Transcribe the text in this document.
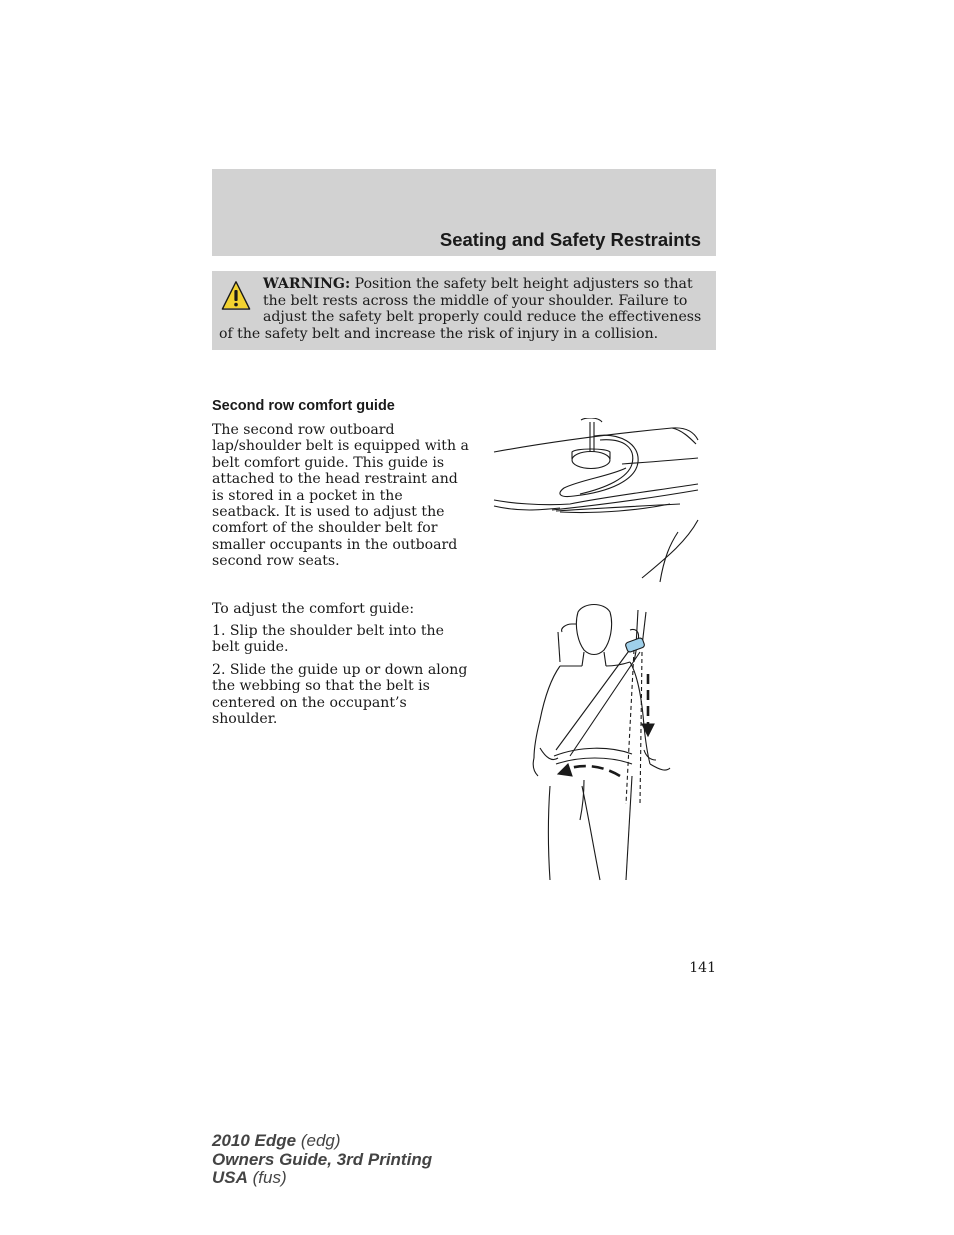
Seating and Safety Restraints

WARNING: Position the safety belt height adjusters so that the belt rests across the middle of your shoulder. Failure to adjust the safety belt properly could reduce the effectiveness of the safety belt and increase the risk of injury in a collision.

Second row comfort guide

The second row outboard lap/shoulder belt is equipped with a belt comfort guide. This guide is attached to the head restraint and is stored in a pocket in the seatback. It is used to adjust the comfort of the shoulder belt for smaller occupants in the outboard second row seats.

To adjust the comfort guide:

1. Slip the shoulder belt into the belt guide.

2. Slide the guide up or down along the webbing so that the belt is centered on the occupant’s shoulder.

141

2010 Edge (edg)
Owners Guide, 3rd Printing
USA (fus)
